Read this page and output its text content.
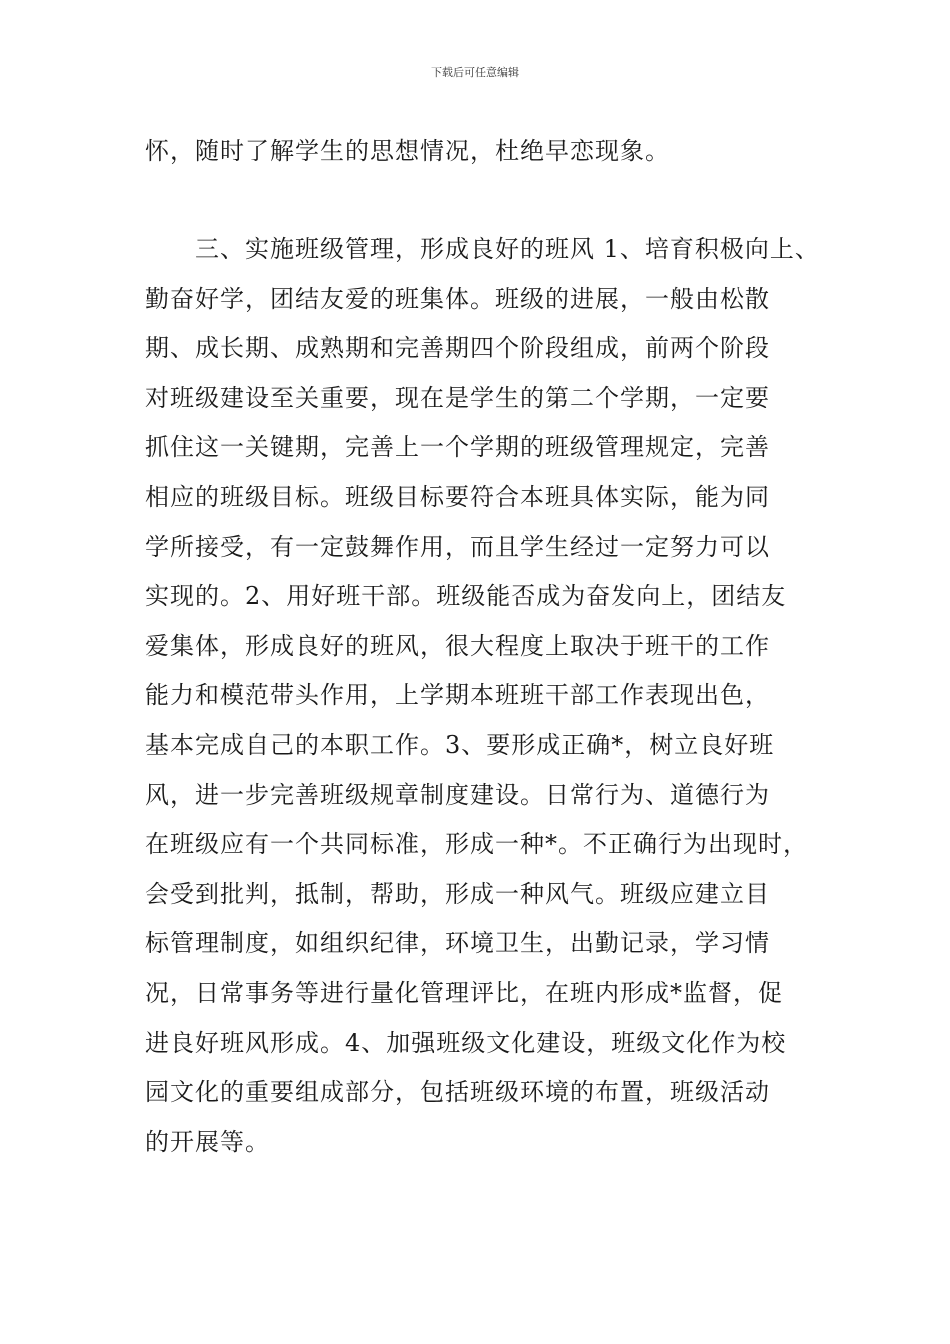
下载后可任意编辑
怀，随时了解学生的思想情况，杜绝早恋现象。
　　三、实施班级管理，形成良好的班风 1、培育积极向上、
勤奋好学，团结友爱的班集体。班级的进展，一般由松散
期、成长期、成熟期和完善期四个阶段组成，前两个阶段
对班级建设至关重要，现在是学生的第二个学期，一定要
抓住这一关键期，完善上一个学期的班级管理规定，完善
相应的班级目标。班级目标要符合本班具体实际，能为同
学所接受，有一定鼓舞作用，而且学生经过一定努力可以
实现的。2、用好班干部。班级能否成为奋发向上，团结友
爱集体，形成良好的班风，很大程度上取决于班干的工作
能力和模范带头作用，上学期本班班干部工作表现出色，
基本完成自己的本职工作。3、要形成正确*，树立良好班
风，进一步完善班级规章制度建设。日常行为、道德行为
在班级应有一个共同标准，形成一种*。不正确行为出现时，
会受到批判，抵制，帮助，形成一种风气。班级应建立目
标管理制度，如组织纪律，环境卫生，出勤记录，学习情
况，日常事务等进行量化管理评比，在班内形成*监督，促
进良好班风形成。4、加强班级文化建设，班级文化作为校
园文化的重要组成部分，包括班级环境的布置，班级活动
的开展等。
